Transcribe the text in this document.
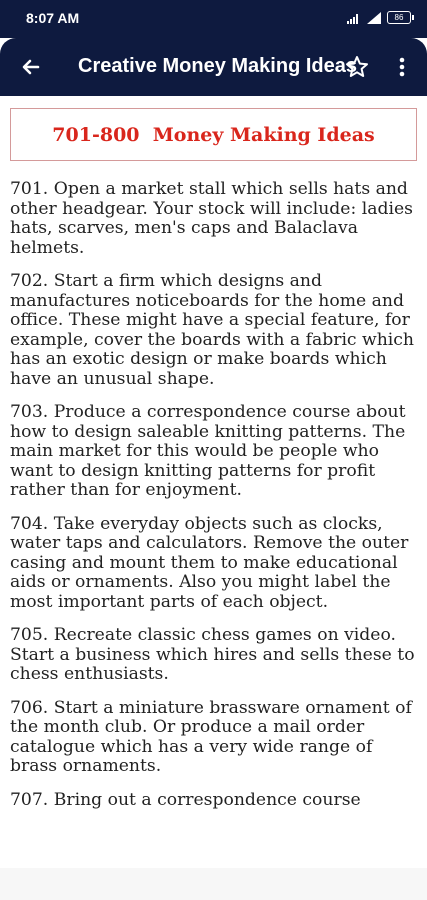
8:07 AM	86
Creative Money Making Ideas
701-800  Money Making Ideas

701. Open a market stall which sells hats and other headgear. Your stock will include: ladies hats, scarves, men's caps and Balaclava helmets.

702. Start a firm which designs and manufactures noticeboards for the home and office. These might have a special feature, for example, cover the boards with a fabric which has an exotic design or make boards which have an unusual shape.

703. Produce a correspondence course about how to design saleable knitting patterns. The main market for this would be people who want to design knitting patterns for profit rather than for enjoyment.

704. Take everyday objects such as clocks, water taps and calculators. Remove the outer casing and mount them to make educational aids or ornaments. Also you might label the most important parts of each object.

705. Recreate classic chess games on video. Start a business which hires and sells these to chess enthusiasts.

706. Start a miniature brassware ornament of the month club. Or produce a mail order catalogue which has a very wide range of brass ornaments.

707. Bring out a correspondence course
